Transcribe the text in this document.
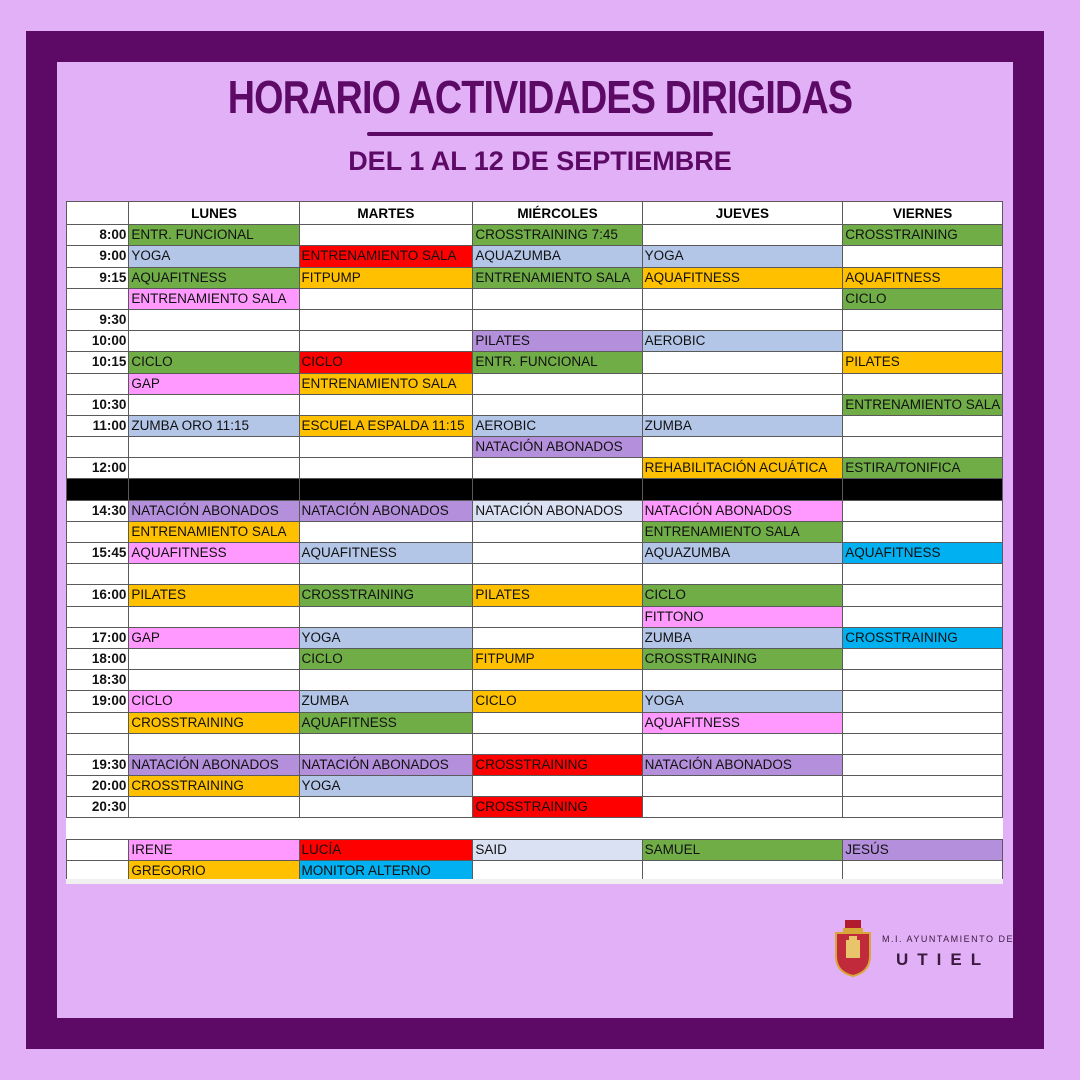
HORARIO ACTIVIDADES DIRIGIDAS
DEL 1 AL 12 DE SEPTIEMBRE
	LUNES	MARTES	MIÉRCOLES	JUEVES	VIERNES
8:00	ENTR. FUNCIONAL		CROSSTRAINING 7:45		CROSSTRAINING
9:00	YOGA	ENTRENAMIENTO SALA	AQUAZUMBA	YOGA	
9:15	AQUAFITNESS	FITPUMP	ENTRENAMIENTO SALA	AQUAFITNESS	AQUAFITNESS
	ENTRENAMIENTO SALA				CICLO
9:30					
10:00			PILATES	AEROBIC	
10:15	CICLO	CICLO	ENTR. FUNCIONAL		PILATES
	GAP	ENTRENAMIENTO SALA			
10:30					ENTRENAMIENTO SALA
11:00	ZUMBA ORO 11:15	ESCUELA ESPALDA 11:15	AEROBIC	ZUMBA	
			NATACIÓN ABONADOS		
12:00				REHABILITACIÓN ACUÁTICA	ESTIRA/TONIFICA

14:30	NATACIÓN ABONADOS	NATACIÓN ABONADOS	NATACIÓN ABONADOS	NATACIÓN ABONADOS	
	ENTRENAMIENTO SALA			ENTRENAMIENTO SALA	
15:45	AQUAFITNESS	AQUAFITNESS		AQUAZUMBA	AQUAFITNESS

16:00	PILATES	CROSSTRAINING	PILATES	CICLO	
				FITTONO	
17:00	GAP	YOGA		ZUMBA	CROSSTRAINING
18:00		CICLO	FITPUMP	CROSSTRAINING	
18:30					
19:00	CICLO	ZUMBA	CICLO	YOGA	
	CROSSTRAINING	AQUAFITNESS		AQUAFITNESS	

19:30	NATACIÓN ABONADOS	NATACIÓN ABONADOS	CROSSTRAINING	NATACIÓN ABONADOS	
20:00	CROSSTRAINING	YOGA			
20:30			CROSSTRAINING		

	IRENE	LUCÍA	SAID	SAMUEL	JESÚS
	GREGORIO	MONITOR ALTERNO			
M.I. AYUNTAMIENTO DE
UTIEL
